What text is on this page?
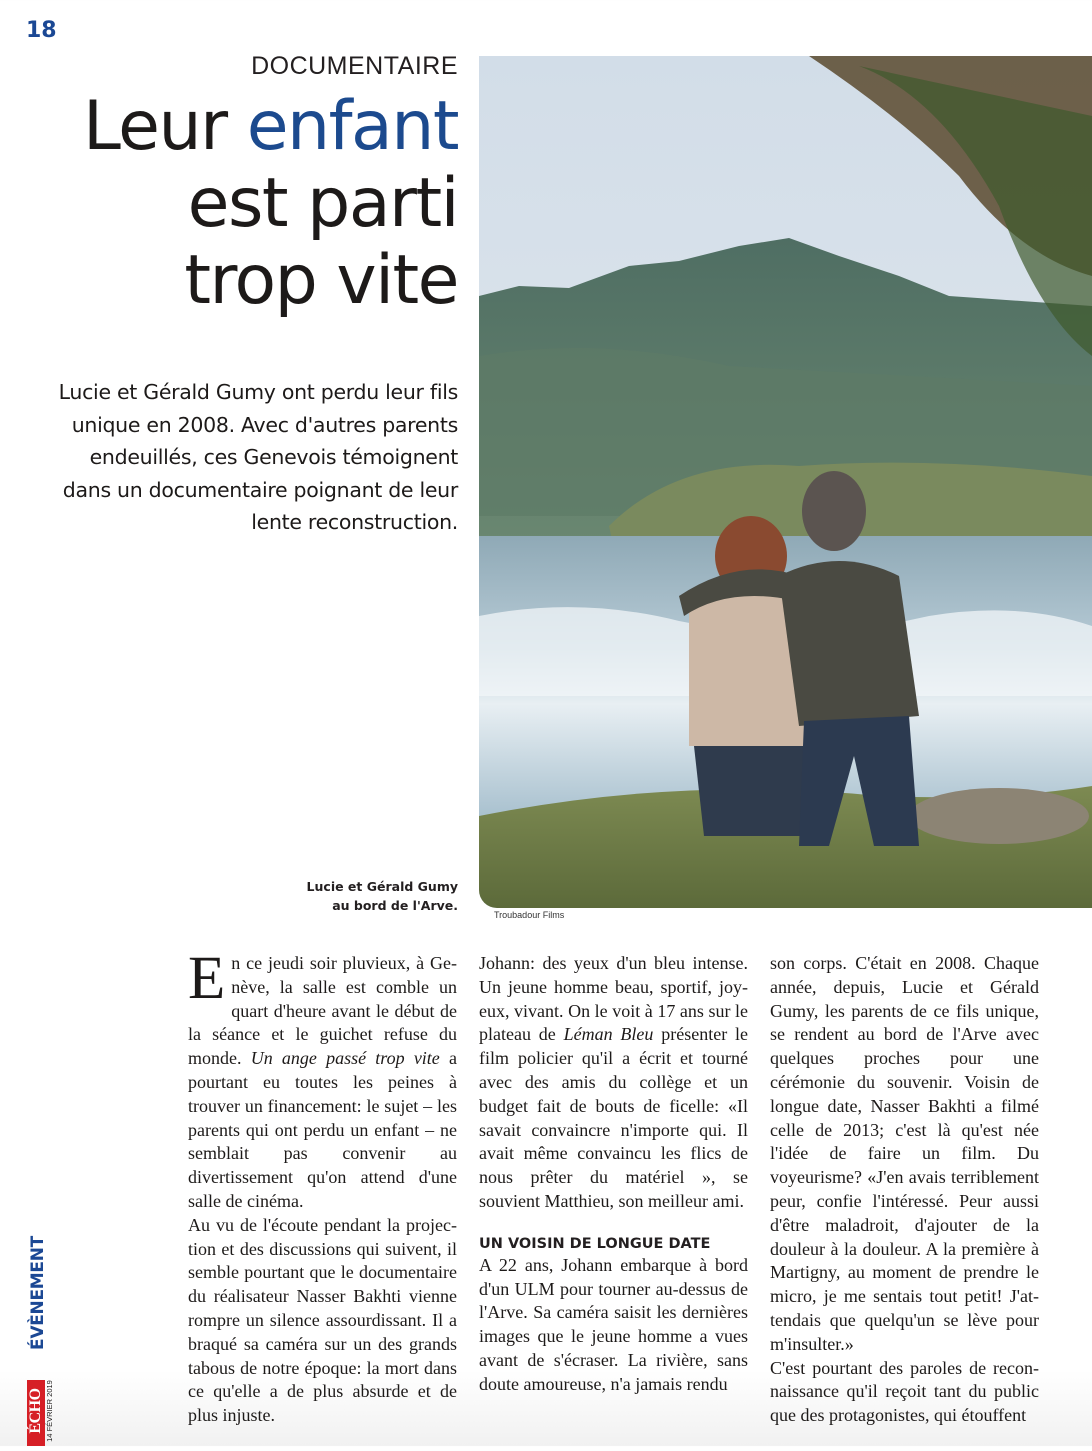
18
DOCUMENTAIRE
Leur enfant est parti trop vite

Lucie et Gérald Gumy ont perdu leur fils unique en 2008. Avec d'autres parents endeuillés, ces Genevois témoignent dans un documentaire poignant de leur lente reconstruction.

Lucie et Gérald Gumy
au bord de l'Arve.
Troubadour Films

En ce jeudi soir pluvieux, à Genève, la salle est comble un quart d'heure avant le début de la séance et le guichet refuse du monde. Un ange passé trop vite a pourtant eu toutes les peines à trouver un financement: le sujet – les parents qui ont perdu un enfant – ne semblait pas convenir au divertissement qu'on attend d'une salle de cinéma.

Au vu de l'écoute pendant la projection et des discussions qui suivent, il semble pourtant que le documentaire du réalisateur Nasser Bakhti vienne rompre un silence assourdissant. Il a braqué sa caméra sur un des grands tabous de notre époque: la mort dans ce qu'elle a de plus absurde et de plus injuste.

Johann: des yeux d'un bleu intense. Un jeune homme beau, sportif, joyeux, vivant. On le voit à 17 ans sur le plateau de Léman Bleu présenter le film policier qu'il a écrit et tourné avec des amis du collège et un budget fait de bouts de ficelle: «Il savait convaincre n'importe qui. Il avait même convaincu les flics de nous prêter du matériel », se souvient Matthieu, son meilleur ami.

UN VOISIN DE LONGUE DATE

A 22 ans, Johann embarque à bord d'un ULM pour tourner au-dessus de l'Arve. Sa caméra saisit les dernières images que le jeune homme a vues avant de s'écraser. La rivière, sans doute amoureuse, n'a jamais rendu

son corps. C'était en 2008. Chaque année, depuis, Lucie et Gérald Gumy, les parents de ce fils unique, se rendent au bord de l'Arve avec quelques proches pour une cérémonie du souvenir. Voisin de longue date, Nasser Bakhti a filmé celle de 2013; c'est là qu'est née l'idée de faire un film. Du voyeurisme? «J'en avais terriblement peur, confie l'intéressé. Peur aussi d'être maladroit, d'ajouter de la douleur à la douleur. A la première à Martigny, au moment de prendre le micro, je me sentais tout petit! J'attendais que quelqu'un se lève pour m'insulter.»

C'est pourtant des paroles de reconnaissance qu'il reçoit tant du public que des protagonistes, qui étouffent

ÉVÈNEMENT
ÉCHO 14 FÉVRIER 2019
